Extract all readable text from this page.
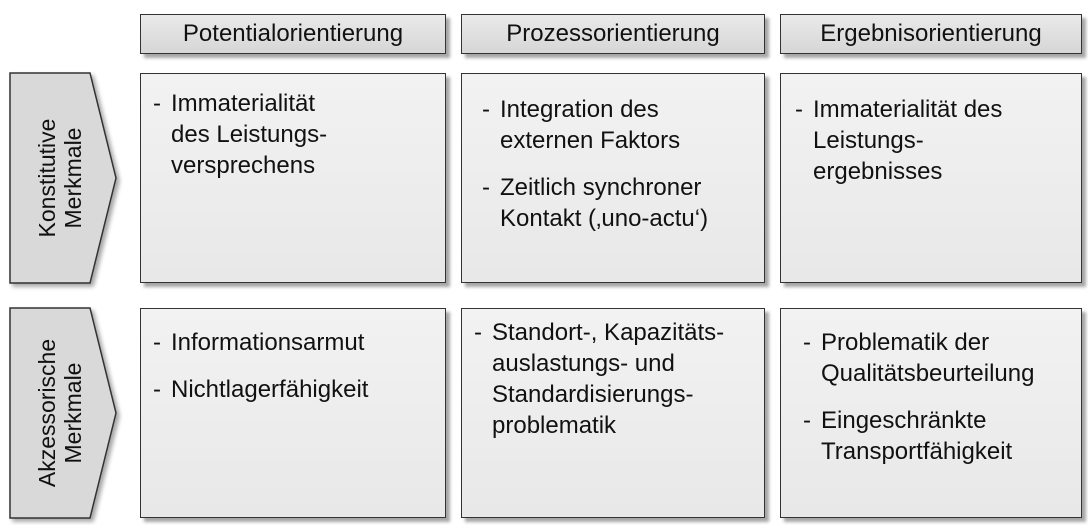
Potentialorientierung	Prozessorientierung	Ergebnisorientierung
Konstitutive
Merkmale
Akzessorische
Merkmale
- Immaterialität
des Leistungs-
versprechens
- Integration des
externen Faktors
- Zeitlich synchroner
Kontakt (‚uno-actu‘)
- Immaterialität des
Leistungs-
ergebnisses
- Informationsarmut
- Nichtlagerfähigkeit
- Standort-, Kapazitäts-
auslastungs- und
Standardisierungs-
problematik
- Problematik der
Qualitätsbeurteilung
- Eingeschränkte
Transportfähigkeit
